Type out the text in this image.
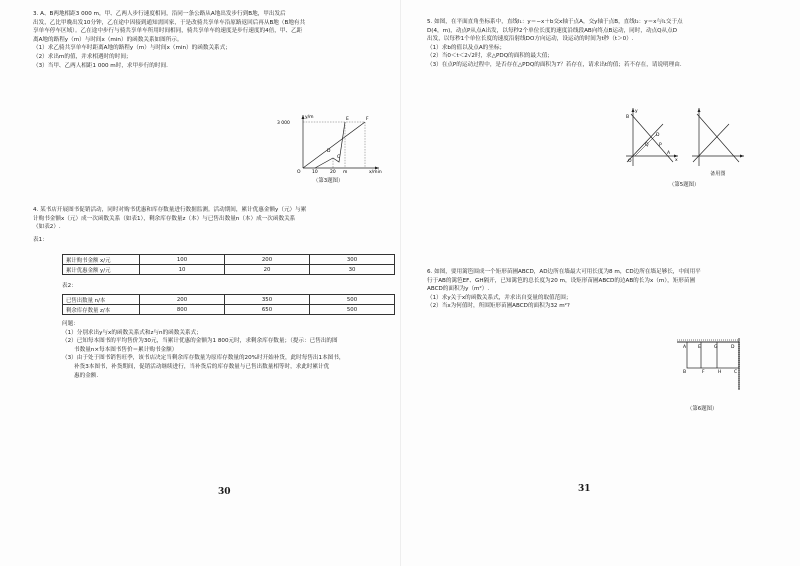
3. A、B两地相距3 000 m，甲、乙两人步行速度相同，沿同一条公路从A地出发步行到B地，甲出发后

出发，乙比甲晚出发10分钟，乙在途中因接到通知需回家，于是改骑共享单车沿原路返回后再从B地（B地有共

享单车停车区域）。乙在途中步行与骑共享单车所用时间相同，骑共享单车的速度是步行速度的4倍，甲、乙距

离A地的路程y（m）与时间x（min）的函数关系如图所示。

（1）求乙骑共享单车时距离A地的路程y（m）与时间x（min）的函数关系式；

（2）求出m的值，并求相遇时的时间；

（3）当甲、乙两人相距1 000 m时，求甲步行的时间.

y/m
3 000
x/min
10	20 m
E	F
D
C
O
（第3题图）

4. 某书店开展图书促销活动，同时对购书优惠和库存数量进行数据监测。活动期间，累计优惠金额y（元）与累

计购书金额x（元）成一次函数关系（如表1），剩余库存数量z（本）与已售出数量n（本）成一次函数关系

（如表2）.

表1：

累计购书金额 x/元	100	200	300
累计优惠金额 y/元	10	20	30
表2：
已售出数量 n/本	200	350	500
剩余库存数量 z/本	800	650	500

问题：

（1）分别求出y与x的函数关系式和z与n的函数关系式；

（2）已知每本图书的平均售价为30元，当累计优惠的金额为1 800元时，求剩余库存数量；（提示：已售出的图

书数量n×每本图书售价＝累计购书金额）

（3）由于处于图书销售旺季，该书店决定当剩余库存数量为原库存数量的20%时开始补货，此时每售出1本图书，

补货3本图书，补货期间，促销活动继续进行，当补货后的库存数量与已售出数量相等时，求此时累计优

惠的金额.

30

5. 如图，在平面直角坐标系中，直线l₁：y＝−x＋b交x轴于点A，交y轴于点B，直线l₂：y＝x与l₁交于点

D(4，m)，动点P从点A出发，以每秒2个单位长度的速度沿线段AB向终点B运动，同时，动点Q从点D

出发，以每秒1个单位长度的速度沿射线DO方向运动，设运动的时间为t秒（t＞0）.

（1）求b的值以及点A的坐标；

（2）当0＜t＜2√2时，求△PDQ的面积的最大值；

（3）在点P的运动过程中，是否存在△PDQ的面积为7？若存在，请求出t的值；若不存在，请说明理由.

y
x
A
B
D
P
Q
O
备用图
（第5题图）

6. 如图，要用篱笆围成一个矩形苗圃ABCD，AD边所在墙最大可用长度为8 m，CD边所在墙足够长，中间用平

行于AB的篱笆EF、GH隔开，已知篱笆的总长度为20 m，设矩形苗圃ABCD的边AB的长为x（m），矩形苗圃

ABCD的面积为y（m²）.

（1）求y关于x的函数关系式，并求出自变量的取值范围；

（2）当x为何值时，所围矩形苗圃ABCD的面积为32 m²?

A	E	G	D
B	F	H	C
（第6题图）
31
